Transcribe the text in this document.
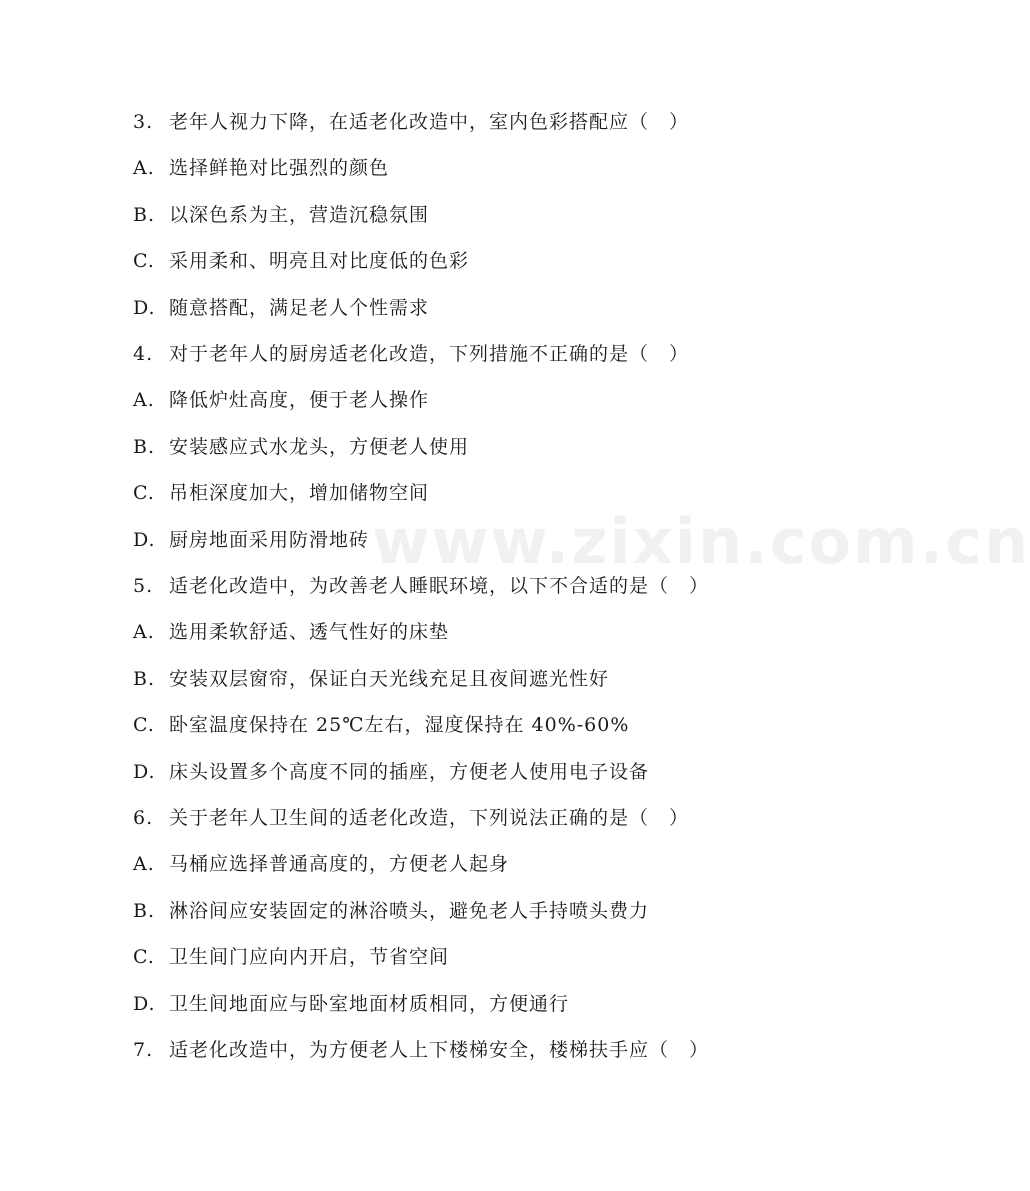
www.zixin.com.cn
3. 老年人视力下降，在适老化改造中，室内色彩搭配应（　）
A. 选择鲜艳对比强烈的颜色
B. 以深色系为主，营造沉稳氛围
C. 采用柔和、明亮且对比度低的色彩
D. 随意搭配，满足老人个性需求
4. 对于老年人的厨房适老化改造，下列措施不正确的是（　）
A. 降低炉灶高度，便于老人操作
B. 安装感应式水龙头，方便老人使用
C. 吊柜深度加大，增加储物空间
D. 厨房地面采用防滑地砖
5. 适老化改造中，为改善老人睡眠环境，以下不合适的是（　）
A. 选用柔软舒适、透气性好的床垫
B. 安装双层窗帘，保证白天光线充足且夜间遮光性好
C. 卧室温度保持在 25℃左右，湿度保持在 40%-60%
D. 床头设置多个高度不同的插座，方便老人使用电子设备
6. 关于老年人卫生间的适老化改造，下列说法正确的是（　）
A. 马桶应选择普通高度的，方便老人起身
B. 淋浴间应安装固定的淋浴喷头，避免老人手持喷头费力
C. 卫生间门应向内开启，节省空间
D. 卫生间地面应与卧室地面材质相同，方便通行
7. 适老化改造中，为方便老人上下楼梯安全，楼梯扶手应（　）
